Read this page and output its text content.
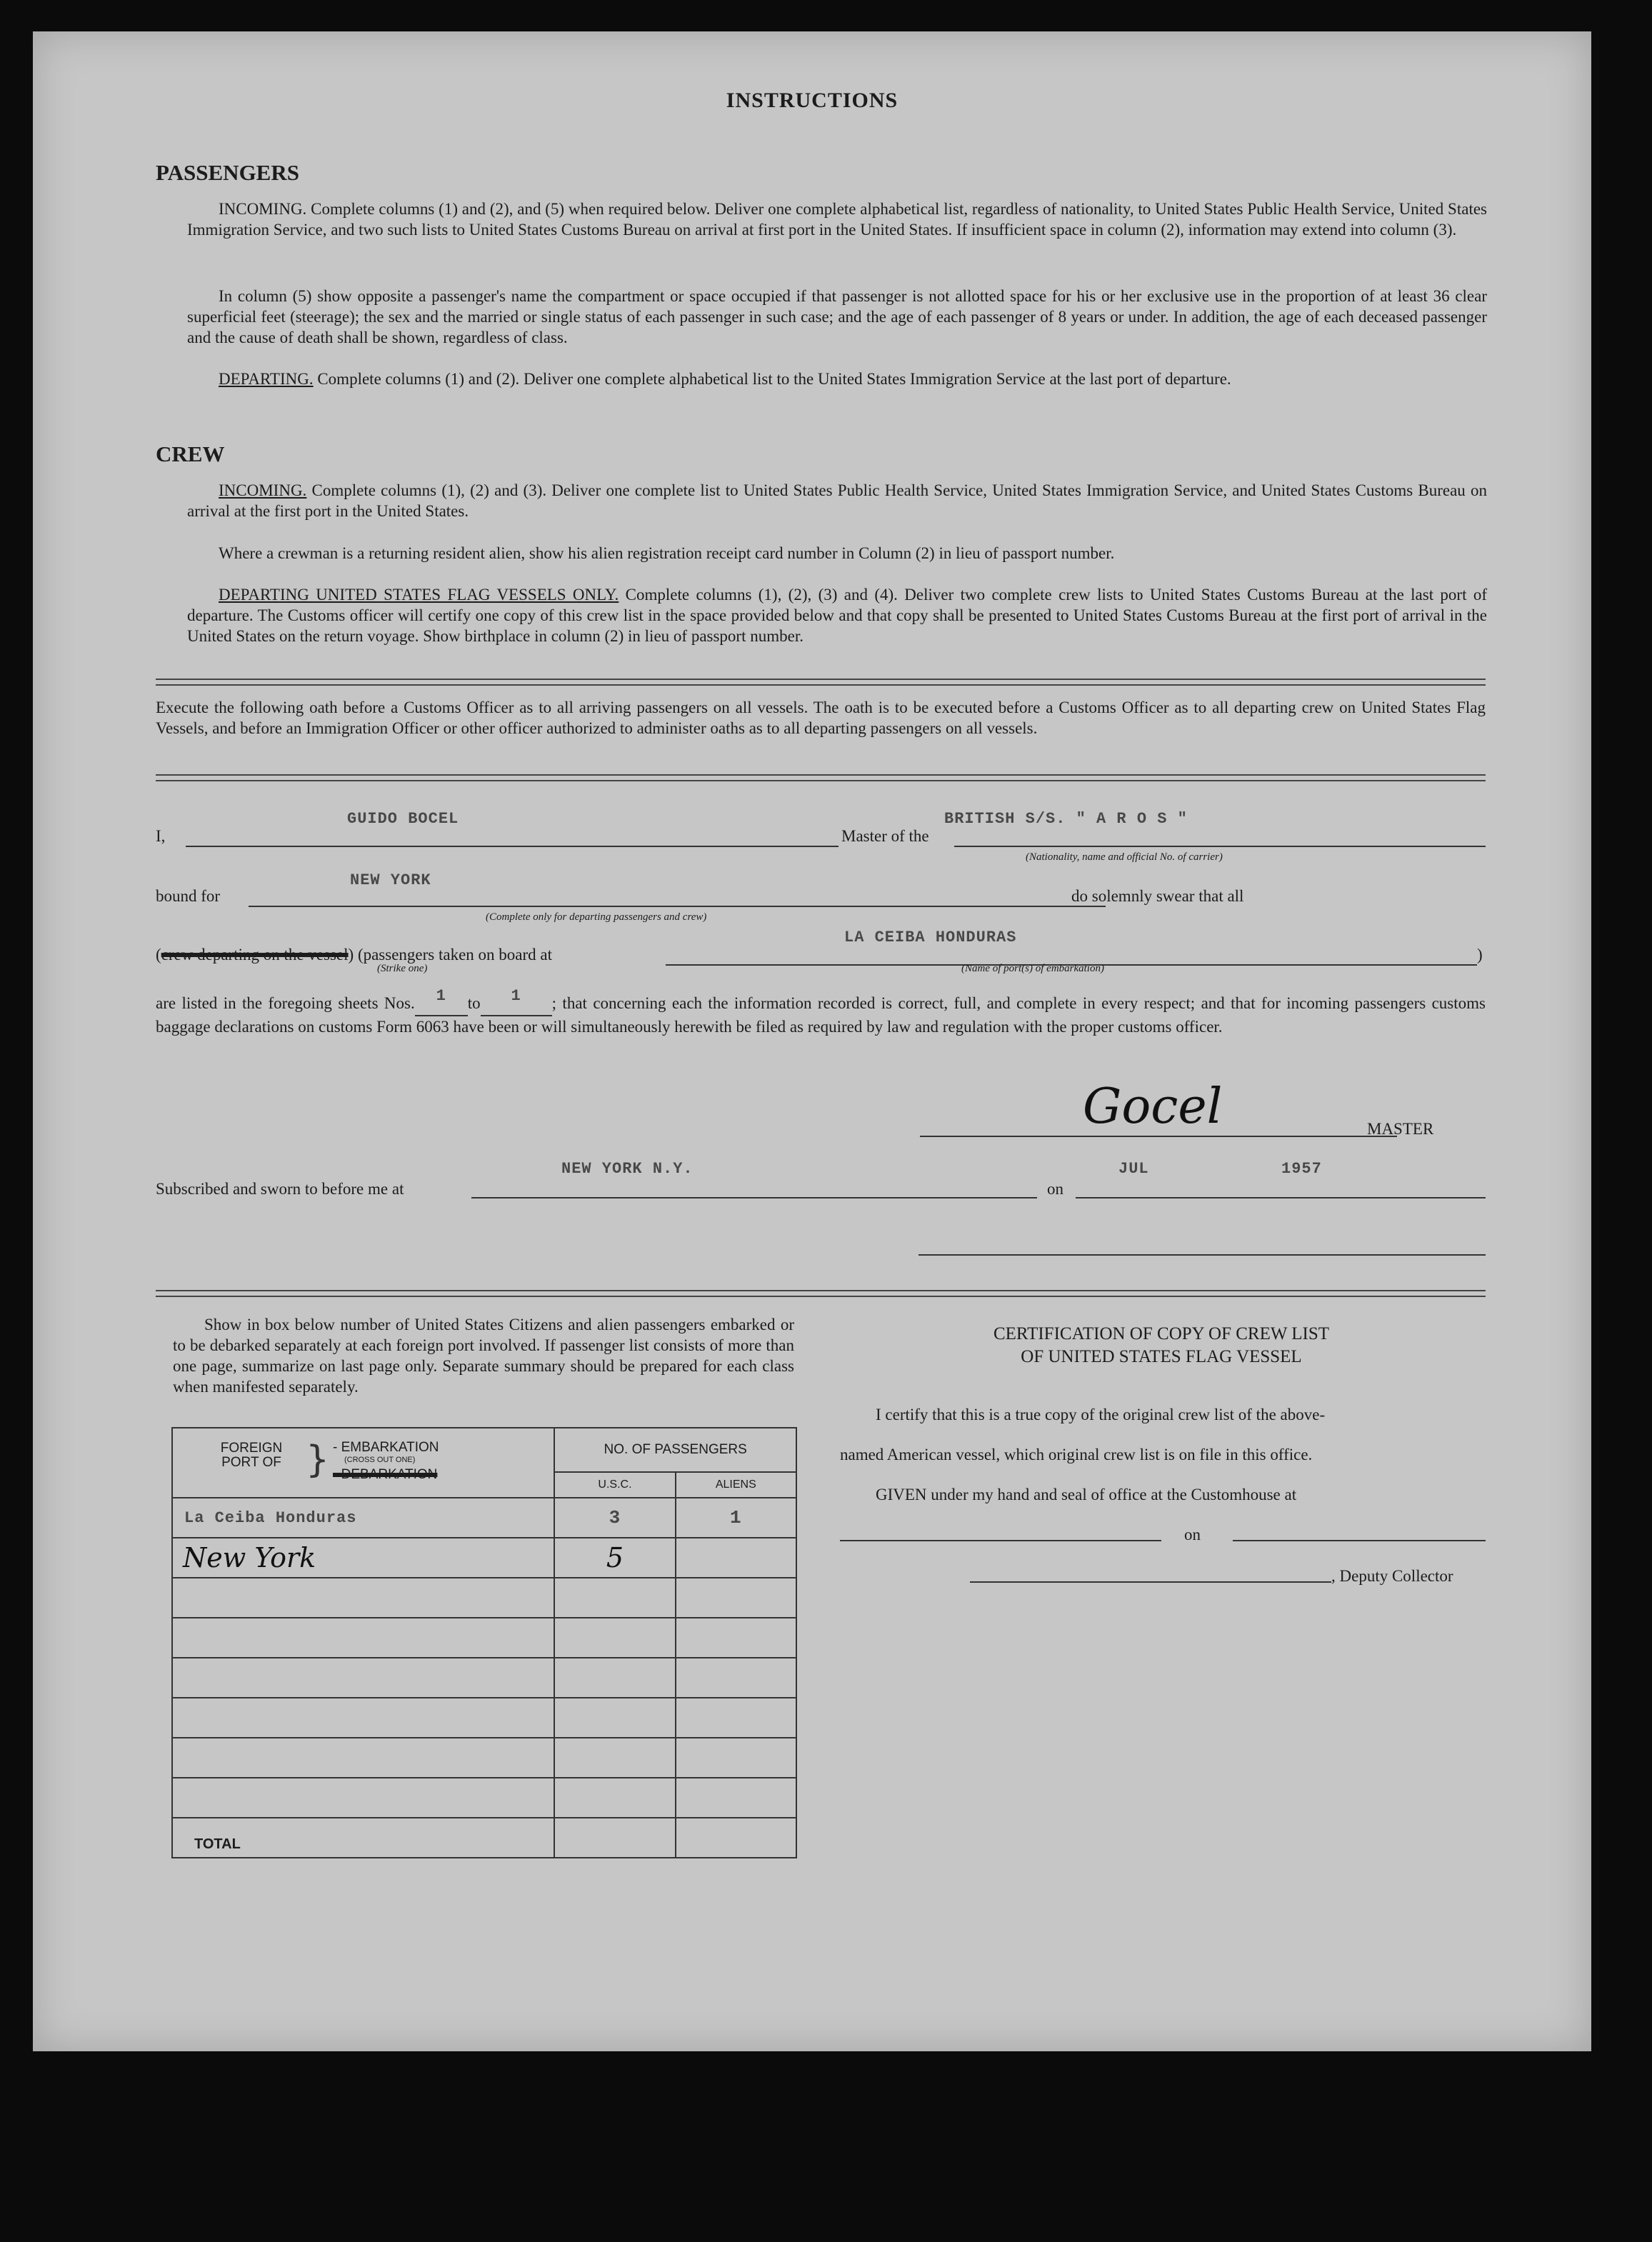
INSTRUCTIONS
PASSENGERS
INCOMING. Complete columns (1) and (2), and (5) when required below. Deliver one complete alphabetical list, regardless of nationality, to United States Public Health Service, United States Immigration Service, and two such lists to United States Customs Bureau on arrival at first port in the United States. If insufficient space in column (2), information may extend into column (3).
In column (5) show opposite a passenger's name the compartment or space occupied if that passenger is not allotted space for his or her exclusive use in the proportion of at least 36 clear superficial feet (steerage); the sex and the married or single status of each passenger in such case; and the age of each passenger of 8 years or under. In addition, the age of each deceased passenger and the cause of death shall be shown, regardless of class.
DEPARTING. Complete columns (1) and (2). Deliver one complete alphabetical list to the United States Immigration Service at the last port of departure.
CREW
INCOMING. Complete columns (1), (2) and (3). Deliver one complete list to United States Public Health Service, United States Immigration Service, and United States Customs Bureau on arrival at the first port in the United States.
Where a crewman is a returning resident alien, show his alien registration receipt card number in Column (2) in lieu of passport number.
DEPARTING UNITED STATES FLAG VESSELS ONLY. Complete columns (1), (2), (3) and (4). Deliver two complete crew lists to United States Customs Bureau at the last port of departure. The Customs officer will certify one copy of this crew list in the space provided below and that copy shall be presented to United States Customs Bureau at the first port of arrival in the United States on the return voyage. Show birthplace in column (2) in lieu of passport number.
Execute the following oath before a Customs Officer as to all arriving passengers on all vessels. The oath is to be executed before a Customs Officer as to all departing crew on United States Flag Vessels, and before an Immigration Officer or other officer authorized to administer oaths as to all departing passengers on all vessels.
I,
GUIDO BOCEL
Master of the
BRITISH S/S. " A R O S "
(Nationality, name and official No. of carrier)
bound for
NEW YORK
(Complete only for departing passengers and crew)
do solemnly swear that all
(crew departing on the vessel) (passengers taken on board at
(Strike one)
LA CEIBA HONDURAS
)
(Name of port(s) of embarkation)
are listed in the foregoing sheets Nos. 1 to 1 ; that concerning each the information recorded is correct, full, and complete in every respect; and that for incoming passengers customs baggage declarations on customs Form 6063 have been or will simultaneously herewith be filed as required by law and regulation with the proper customs officer.
Gocel	MASTER
Subscribed and sworn to before me at
NEW YORK N.Y.
on
JUL	1957
Show in box below number of United States Citizens and alien passengers embarked or to be debarked separately at each foreign port involved. If passenger list consists of more than one page, summarize on last page only. Separate summary should be prepared for each class when manifested separately.
FOREIGN PORT OF } - EMBARKATION
(CROSS OUT ONE)
- DEBARKATION	NO. OF PASSENGERS	
	U.S.C.	ALIENS
La Ceiba Honduras	3	1
New York	5	

TOTAL		
CERTIFICATION OF COPY OF CREW LIST
OF UNITED STATES FLAG VESSEL
I certify that this is a true copy of the original crew list of the above-
named American vessel, which original crew list is on file in this office.
GIVEN under my hand and seal of office at the Customhouse at
on
, Deputy Collector
